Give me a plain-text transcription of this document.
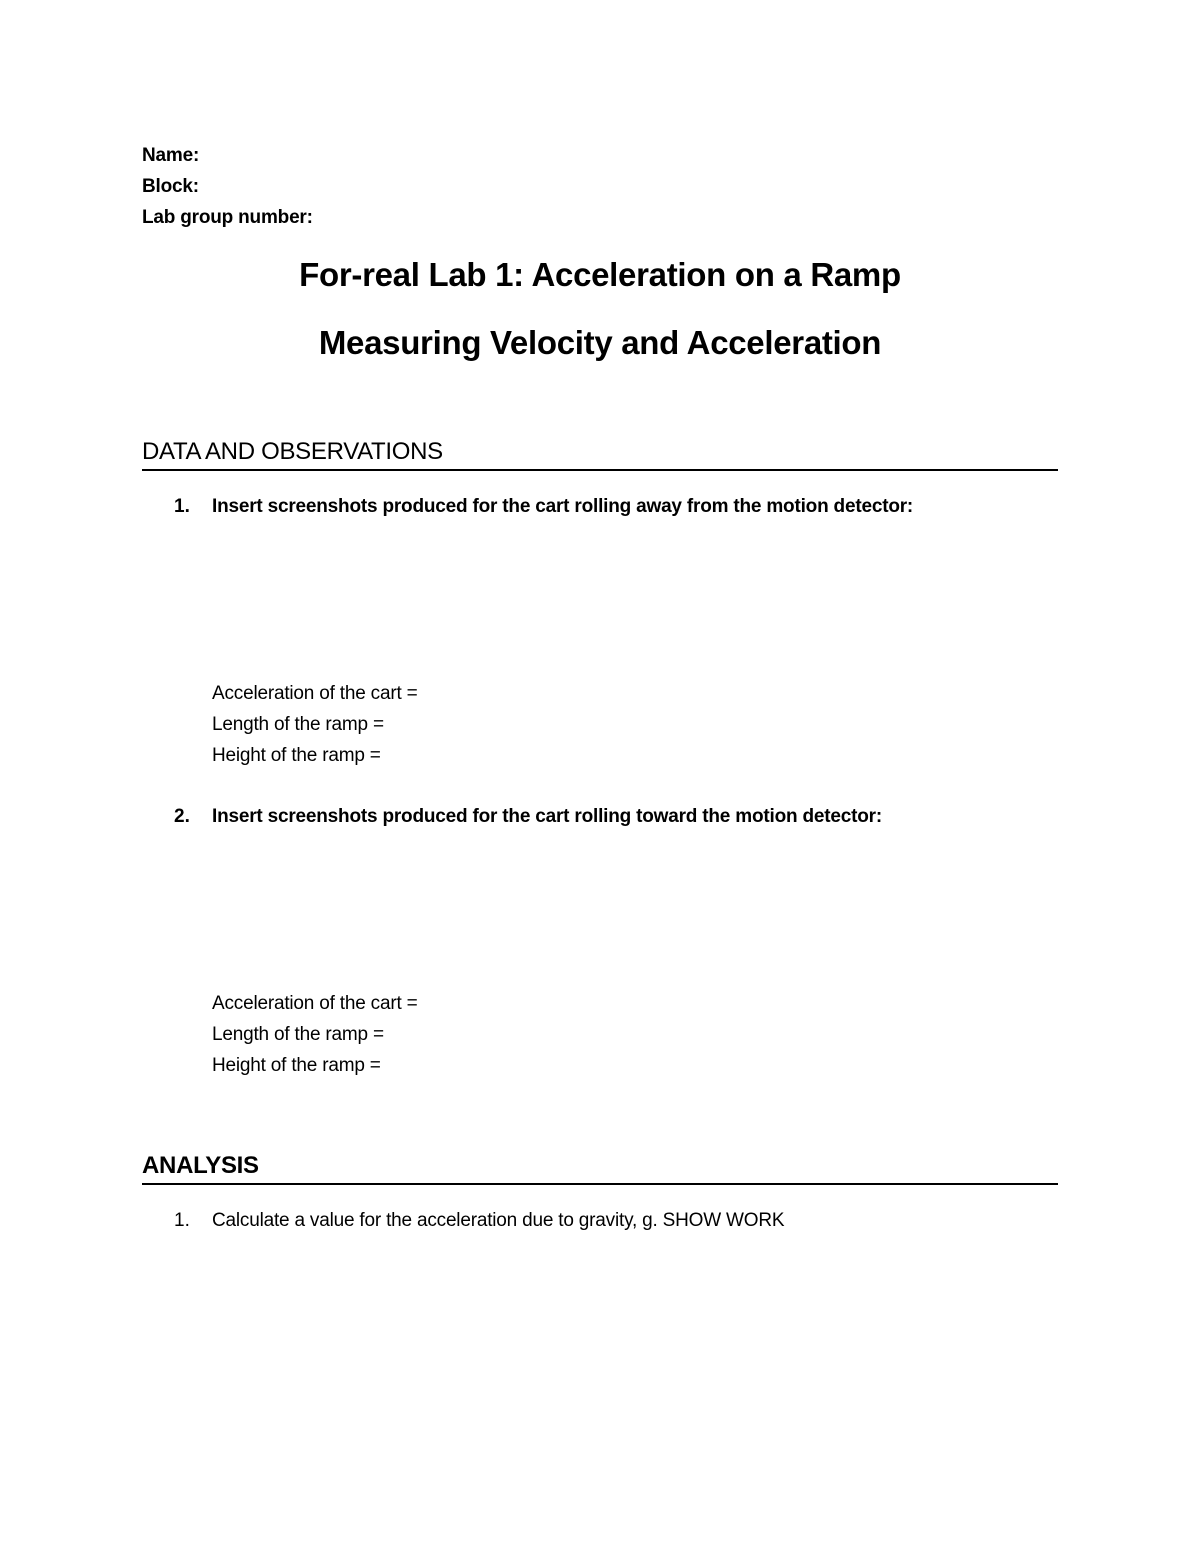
Name:
Block:
Lab group number:
For-real Lab 1: Acceleration on a Ramp
Measuring Velocity and Acceleration
DATA AND OBSERVATIONS
1. Insert screenshots produced for the cart rolling away from the motion detector:
Acceleration of the cart =
Length of the ramp =
Height of the ramp =
2. Insert screenshots produced for the cart rolling toward the motion detector:
Acceleration of the cart =
Length of the ramp =
Height of the ramp =
ANALYSIS
1. Calculate a value for the acceleration due to gravity, g. SHOW WORK
